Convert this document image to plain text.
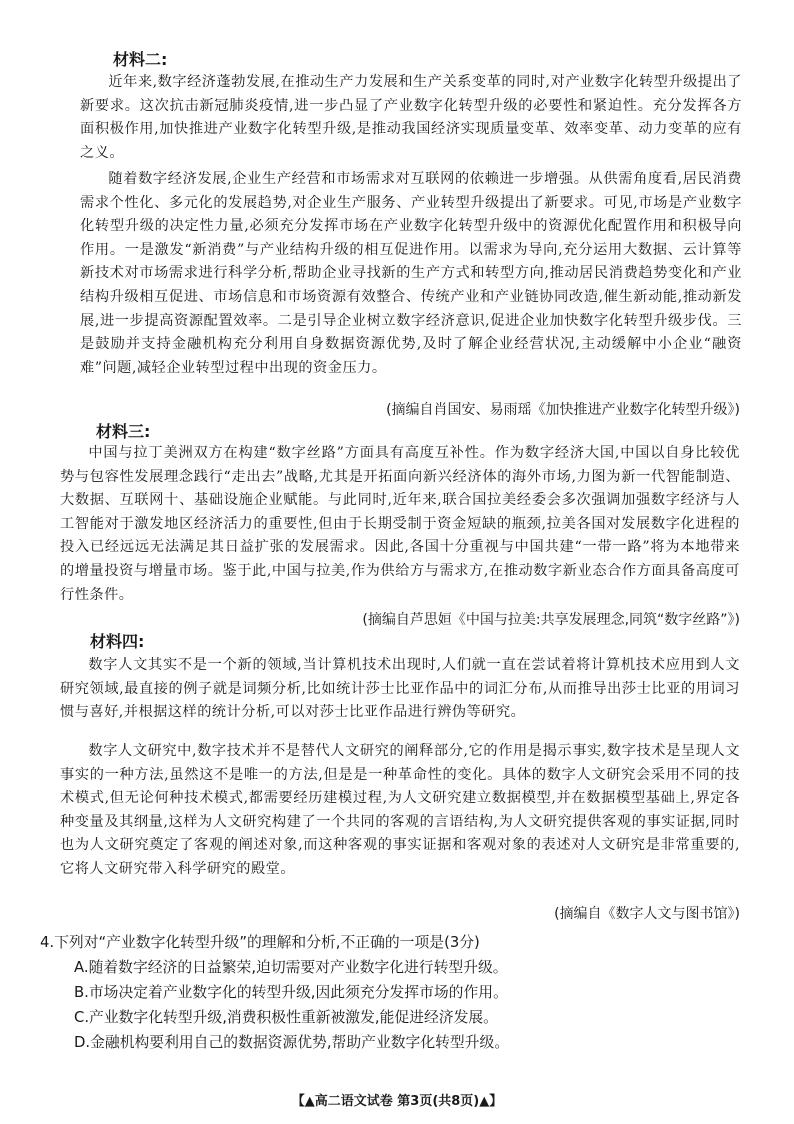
材料二:

近年来,数字经济蓬勃发展,在推动生产力发展和生产关系变革的同时,对产业数字化转型升级提出了新要求。这次抗击新冠肺炎疫情,进一步凸显了产业数字化转型升级的必要性和紧迫性。充分发挥各方面积极作用,加快推进产业数字化转型升级,是推动我国经济实现质量变革、效率变革、动力变革的应有之义。

随着数字经济发展,企业生产经营和市场需求对互联网的依赖进一步增强。从供需角度看,居民消费需求个性化、多元化的发展趋势,对企业生产服务、产业转型升级提出了新要求。可见,市场是产业数字化转型升级的决定性力量,必须充分发挥市场在产业数字化转型升级中的资源优化配置作用和积极导向作用。一是激发“新消费”与产业结构升级的相互促进作用。以需求为导向,充分运用大数据、云计算等新技术对市场需求进行科学分析,帮助企业寻找新的生产方式和转型方向,推动居民消费趋势变化和产业结构升级相互促进、市场信息和市场资源有效整合、传统产业和产业链协同改造,催生新动能,推动新发展,进一步提高资源配置效率。二是引导企业树立数字经济意识,促进企业加快数字化转型升级步伐。三是鼓励并支持金融机构充分利用自身数据资源优势,及时了解企业经营状况,主动缓解中小企业“融资难”问题,减轻企业转型过程中出现的资金压力。

(摘编自肖国安、易雨瑶《加快推进产业数字化转型升级》)
材料三:

中国与拉丁美洲双方在构建“数字丝路”方面具有高度互补性。作为数字经济大国,中国以自身比较优势与包容性发展理念践行“走出去”战略,尤其是开拓面向新兴经济体的海外市场,力图为新一代智能制造、大数据、互联网十、基础设施企业赋能。与此同时,近年来,联合国拉美经委会多次强调加强数字经济与人工智能对于激发地区经济活力的重要性,但由于长期受制于资金短缺的瓶颈,拉美各国对发展数字化进程的投入已经远远无法满足其日益扩张的发展需求。因此,各国十分重视与中国共建“一带一路”将为本地带来的增量投资与增量市场。鉴于此,中国与拉美,作为供给方与需求方,在推动数字新业态合作方面具备高度可行性条件。

(摘编自芦思姮《中国与拉美:共享发展理念,同筑“数字丝路”》)
材料四:

数字人文其实不是一个新的领域,当计算机技术出现时,人们就一直在尝试着将计算机技术应用到人文研究领域,最直接的例子就是词频分析,比如统计莎士比亚作品中的词汇分布,从而推导出莎士比亚的用词习惯与喜好,并根据这样的统计分析,可以对莎士比亚作品进行辨伪等研究。

数字人文研究中,数字技术并不是替代人文研究的阐释部分,它的作用是揭示事实,数字技术是呈现人文事实的一种方法,虽然这不是唯一的方法,但是是一种革命性的变化。具体的数字人文研究会采用不同的技术模式,但无论何种技术模式,都需要经历建模过程,为人文研究建立数据模型,并在数据模型基础上,界定各种变量及其纲量,这样为人文研究构建了一个共同的客观的言语结构,为人文研究提供客观的事实证据,同时也为人文研究奠定了客观的阐述对象,而这种客观的事实证据和客观对象的表述对人文研究是非常重要的,它将人文研究带入科学研究的殿堂。

(摘编自《数字人文与图书馆》)

4.下列对“产业数字化转型升级”的理解和分析,不正确的一项是(3分)

A.随着数字经济的日益繁荣,迫切需要对产业数字化进行转型升级。

B.市场决定着产业数字化的转型升级,因此须充分发挥市场的作用。

C.产业数字化转型升级,消费积极性重新被激发,能促进经济发展。

D.金融机构要利用自己的数据资源优势,帮助产业数字化转型升级。

【▲高二语文试卷 第3页(共8页)▲】
